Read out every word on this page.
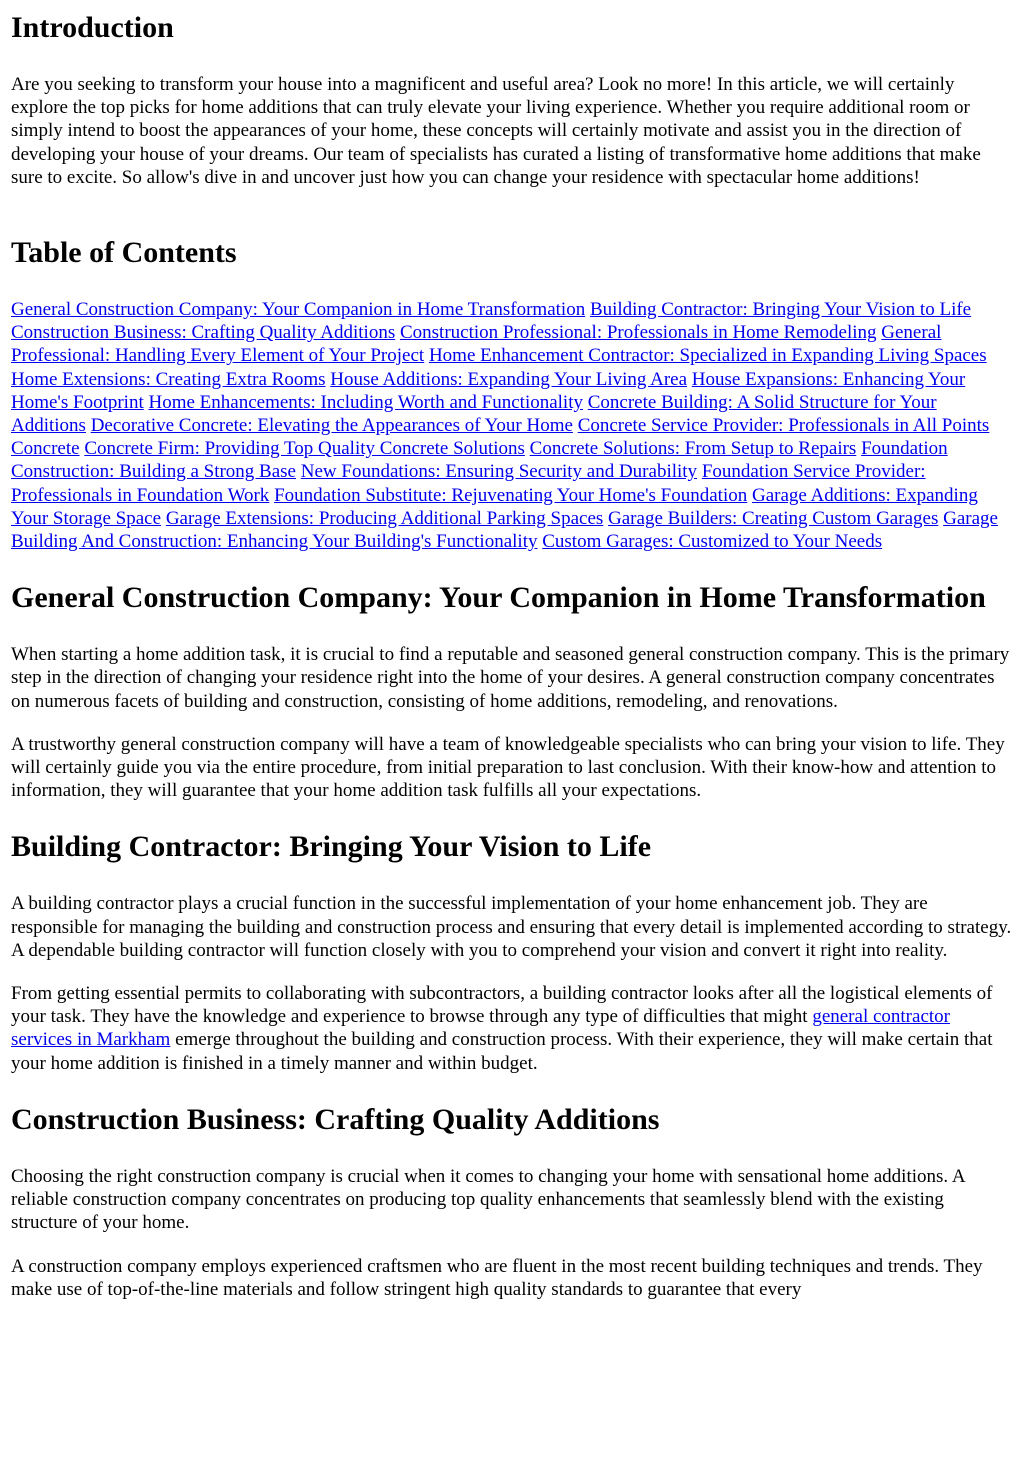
Introduction

Are you seeking to transform your house into a magnificent and useful area? Look no more! In this article, we will certainly explore the top picks for home additions that can truly elevate your living experience. Whether you require additional room or simply intend to boost the appearances of your home, these concepts will certainly motivate and assist you in the direction of developing your house of your dreams. Our team of specialists has curated a listing of transformative home additions that make sure to excite. So allow's dive in and uncover just how you can change your residence with spectacular home additions!

Table of Contents
General Construction Company: Your Companion in Home Transformation Building Contractor: Bringing Your Vision to Life Construction Business: Crafting Quality Additions Construction Professional: Professionals in Home Remodeling General Professional: Handling Every Element of Your Project Home Enhancement Contractor: Specialized in Expanding Living Spaces Home Extensions: Creating Extra Rooms House Additions: Expanding Your Living Area House Expansions: Enhancing Your Home's Footprint Home Enhancements: Including Worth and Functionality Concrete Building: A Solid Structure for Your Additions Decorative Concrete: Elevating the Appearances of Your Home Concrete Service Provider: Professionals in All Points Concrete Concrete Firm: Providing Top Quality Concrete Solutions Concrete Solutions: From Setup to Repairs Foundation Construction: Building a Strong Base New Foundations: Ensuring Security and Durability Foundation Service Provider: Professionals in Foundation Work Foundation Substitute: Rejuvenating Your Home's Foundation Garage Additions: Expanding Your Storage Space Garage Extensions: Producing Additional Parking Spaces Garage Builders: Creating Custom Garages Garage Building And Construction: Enhancing Your Building's Functionality Custom Garages: Customized to Your Needs
General Construction Company: Your Companion in Home Transformation

When starting a home addition task, it is crucial to find a reputable and seasoned general construction company. This is the primary step in the direction of changing your residence right into the home of your desires. A general construction company concentrates on numerous facets of building and construction, consisting of home additions, remodeling, and renovations.

A trustworthy general construction company will have a team of knowledgeable specialists who can bring your vision to life. They will certainly guide you via the entire procedure, from initial preparation to last conclusion. With their know-how and attention to information, they will guarantee that your home addition task fulfills all your expectations.

Building Contractor: Bringing Your Vision to Life

A building contractor plays a crucial function in the successful implementation of your home enhancement job. They are responsible for managing the building and construction process and ensuring that every detail is implemented according to strategy. A dependable building contractor will function closely with you to comprehend your vision and convert it right into reality.

From getting essential permits to collaborating with subcontractors, a building contractor looks after all the logistical elements of your task. They have the knowledge and experience to browse through any type of difficulties that might general contractor services in Markham emerge throughout the building and construction process. With their experience, they will make certain that your home addition is finished in a timely manner and within budget.

Construction Business: Crafting Quality Additions

Choosing the right construction company is crucial when it comes to changing your home with sensational home additions. A reliable construction company concentrates on producing top quality enhancements that seamlessly blend with the existing structure of your home.

A construction company employs experienced craftsmen who are fluent in the most recent building techniques and trends. They make use of top-of-the-line materials and follow stringent high quality standards to guarantee that every
